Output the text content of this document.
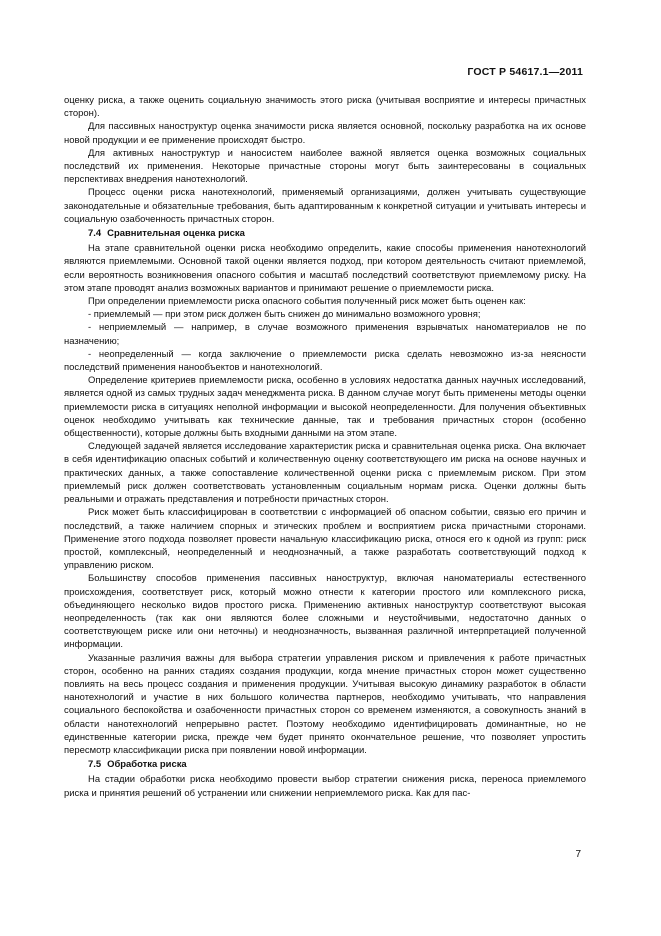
ГОСТ Р 54617.1—2011

оценку риска, а также оценить социальную значимость этого риска (учитывая восприятие и интересы причастных сторон).

Для пассивных наноструктур оценка значимости риска является основной, поскольку разработка на их основе новой продукции и ее применение происходят быстро.

Для активных наноструктур и наносистем наиболее важной является оценка возможных социальных последствий их применения. Некоторые причастные стороны могут быть заинтересованы в социальных перспективах внедрения нанотехнологий.

Процесс оценки риска нанотехнологий, применяемый организациями, должен учитывать существующие законодательные и обязательные требования, быть адаптированным к конкретной ситуации и учитывать интересы и социальную озабоченность причастных сторон.

7.4 Сравнительная оценка риска

На этапе сравнительной оценки риска необходимо определить, какие способы применения нанотехнологий являются приемлемыми. Основной такой оценки является подход, при котором деятельность считают приемлемой, если вероятность возникновения опасного события и масштаб последствий соответствуют приемлемому риску. На этом этапе проводят анализ возможных вариантов и принимают решение о приемлемости риска.

При определении приемлемости риска опасного события полученный риск может быть оценен как:

- приемлемый — при этом риск должен быть снижен до минимально возможного уровня;

- неприемлемый — например, в случае возможного применения взрывчатых наноматериалов не по назначению;

- неопределенный — когда заключение о приемлемости риска сделать невозможно из-за неясности последствий применения нанообъектов и нанотехнологий.

Определение критериев приемлемости риска, особенно в условиях недостатка данных научных исследований, является одной из самых трудных задач менеджмента риска. В данном случае могут быть применены методы оценки приемлемости риска в ситуациях неполной информации и высокой неопределенности. Для получения объективных оценок необходимо учитывать как технические данные, так и требования причастных сторон (особенно общественности), которые должны быть входными данными на этом этапе.

Следующей задачей является исследование характеристик риска и сравнительная оценка риска. Она включает в себя идентификацию опасных событий и количественную оценку соответствующего им риска на основе научных и практических данных, а также сопоставление количественной оценки риска с приемлемым риском. При этом приемлемый риск должен соответствовать установленным социальным нормам риска. Оценки должны быть реальными и отражать представления и потребности причастных сторон.

Риск может быть классифицирован в соответствии с информацией об опасном событии, связью его причин и последствий, а также наличием спорных и этических проблем и восприятием риска причастными сторонами. Применение этого подхода позволяет провести начальную классификацию риска, относя его к одной из групп: риск простой, комплексный, неопределенный и неоднозначный, а также разработать соответствующий подход к управлению риском.

Большинству способов применения пассивных наноструктур, включая наноматериалы естественного происхождения, соответствует риск, который можно отнести к категории простого или комплексного риска, объединяющего несколько видов простого риска. Применению активных наноструктур соответствуют высокая неопределенность (так как они являются более сложными и неустойчивыми, недостаточно данных о соответствующем риске или они неточны) и неоднозначность, вызванная различной интерпретацией полученной информации.

Указанные различия важны для выбора стратегии управления риском и привлечения к работе причастных сторон, особенно на ранних стадиях создания продукции, когда мнение причастных сторон может существенно повлиять на весь процесс создания и применения продукции. Учитывая высокую динамику разработок в области нанотехнологий и участие в них большого количества партнеров, необходимо учитывать, что направления социального беспокойства и озабоченности причастных сторон со временем изменяются, а совокупность знаний в области нанотехнологий непрерывно растет. Поэтому необходимо идентифицировать доминантные, но не единственные категории риска, прежде чем будет принято окончательное решение, что позволяет упростить пересмотр классификации риска при появлении новой информации.

7.5 Обработка риска

На стадии обработки риска необходимо провести выбор стратегии снижения риска, переноса приемлемого риска и принятия решений об устранении или снижении неприемлемого риска. Как для пас-

7
